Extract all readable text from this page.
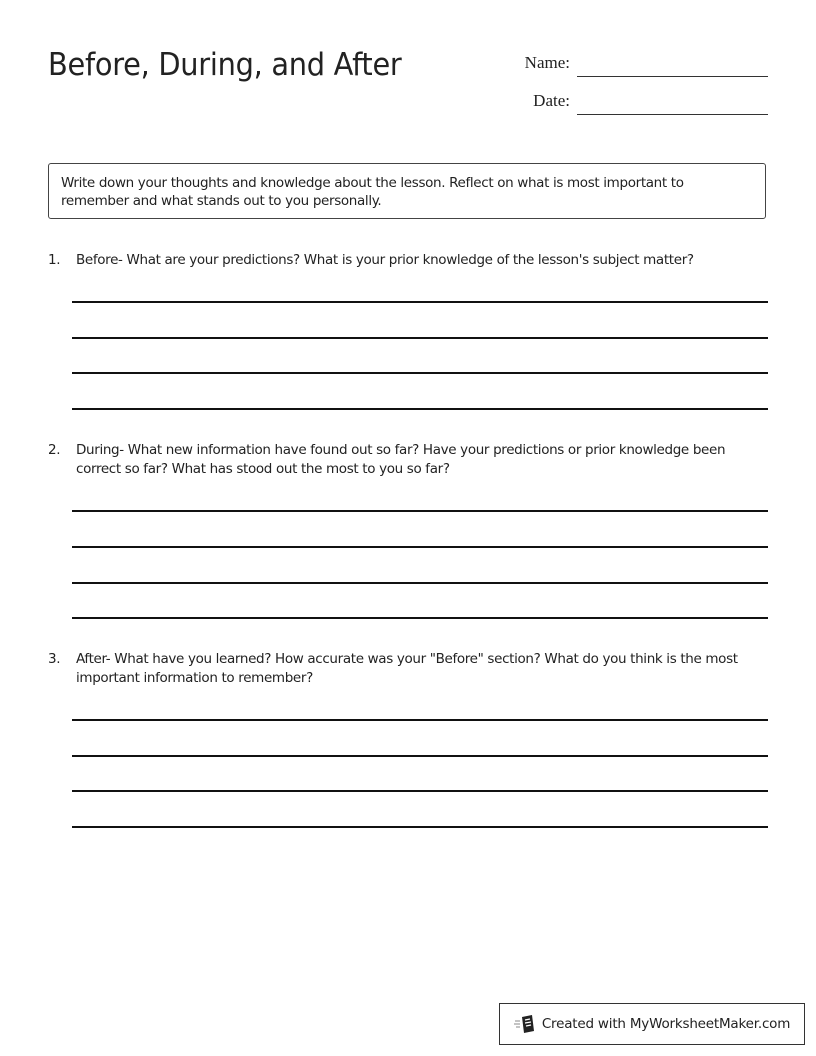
Before, During, and After	Name:
Date:
Write down your thoughts and knowledge about the lesson. Reflect on what is most important to remember and what stands out to you personally.
1.	Before- What are your predictions? What is your prior knowledge of the lesson's subject matter?
2.	During- What new information have found out so far? Have your predictions or prior knowledge been correct so far? What has stood out the most to you so far?
3.	After- What have you learned? How accurate was your "Before" section? What do you think is the most important information to remember?
Created with MyWorksheetMaker.com
